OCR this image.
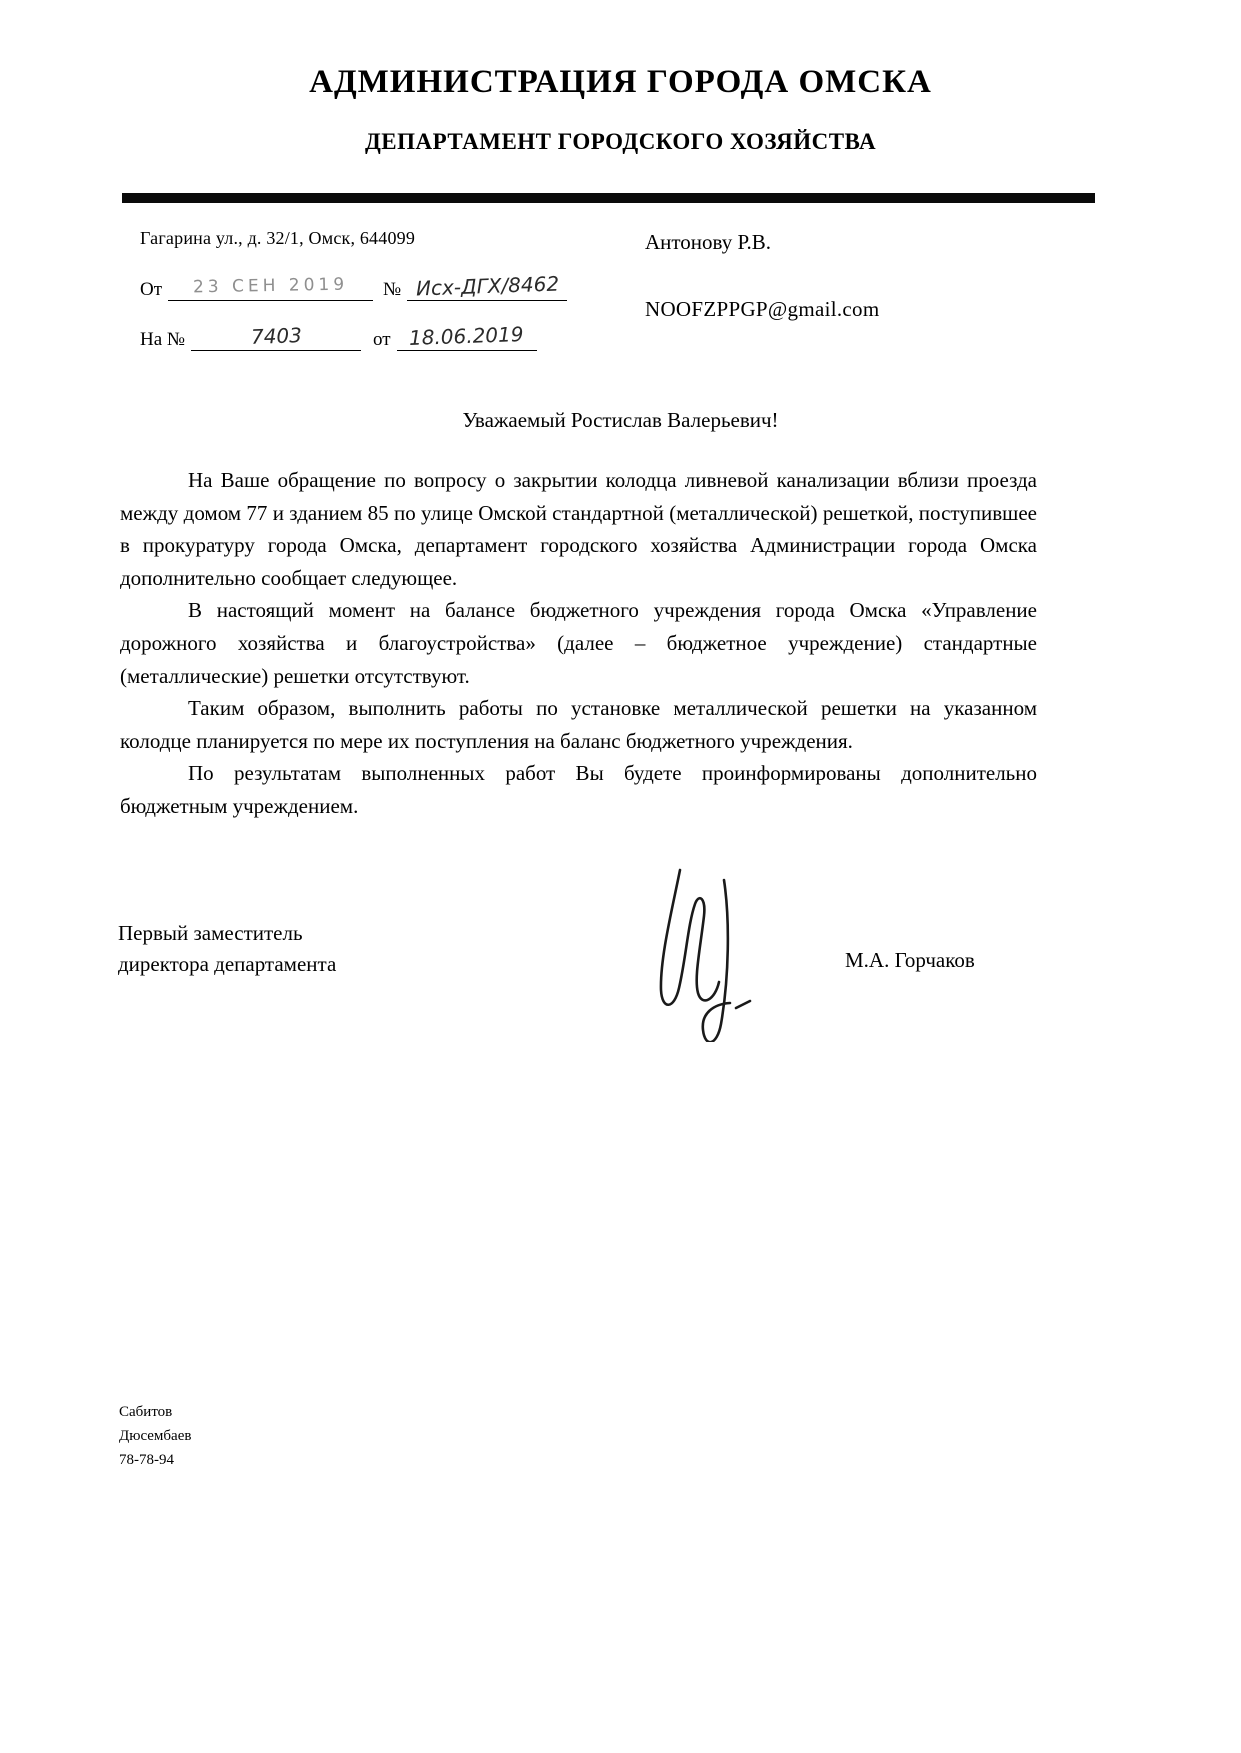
АДМИНИСТРАЦИЯ ГОРОДА ОМСКА
ДЕПАРТАМЕНТ ГОРОДСКОГО ХОЗЯЙСТВА
Гагарина ул., д. 32/1, Омск, 644099
От	23 СЕН 2019	№ Исх-ДГХ/8462
На №	7403	от 18.06.2019
Антонову Р.В.
NOOFZPPGP@gmail.com
Уважаемый Ростислав Валерьевич!

На Ваше обращение по вопросу о закрытии колодца ливневой канализации вблизи проезда между домом 77 и зданием 85 по улице Омской стандартной (металлической) решеткой, поступившее в прокуратуру города Омска, департамент городского хозяйства Администрации города Омска дополнительно сообщает следующее.

В настоящий момент на балансе бюджетного учреждения города Омска «Управление дорожного хозяйства и благоустройства» (далее – бюджетное учреждение) стандартные (металлические) решетки отсутствуют.

Таким образом, выполнить работы по установке металлической решетки на указанном колодце планируется по мере их поступления на баланс бюджетного учреждения.

По результатам выполненных работ Вы будете проинформированы дополнительно бюджетным учреждением.

Первый заместитель
директора департамента	М.А. Горчаков
Сабитов
Дюсембаев
78-78-94
